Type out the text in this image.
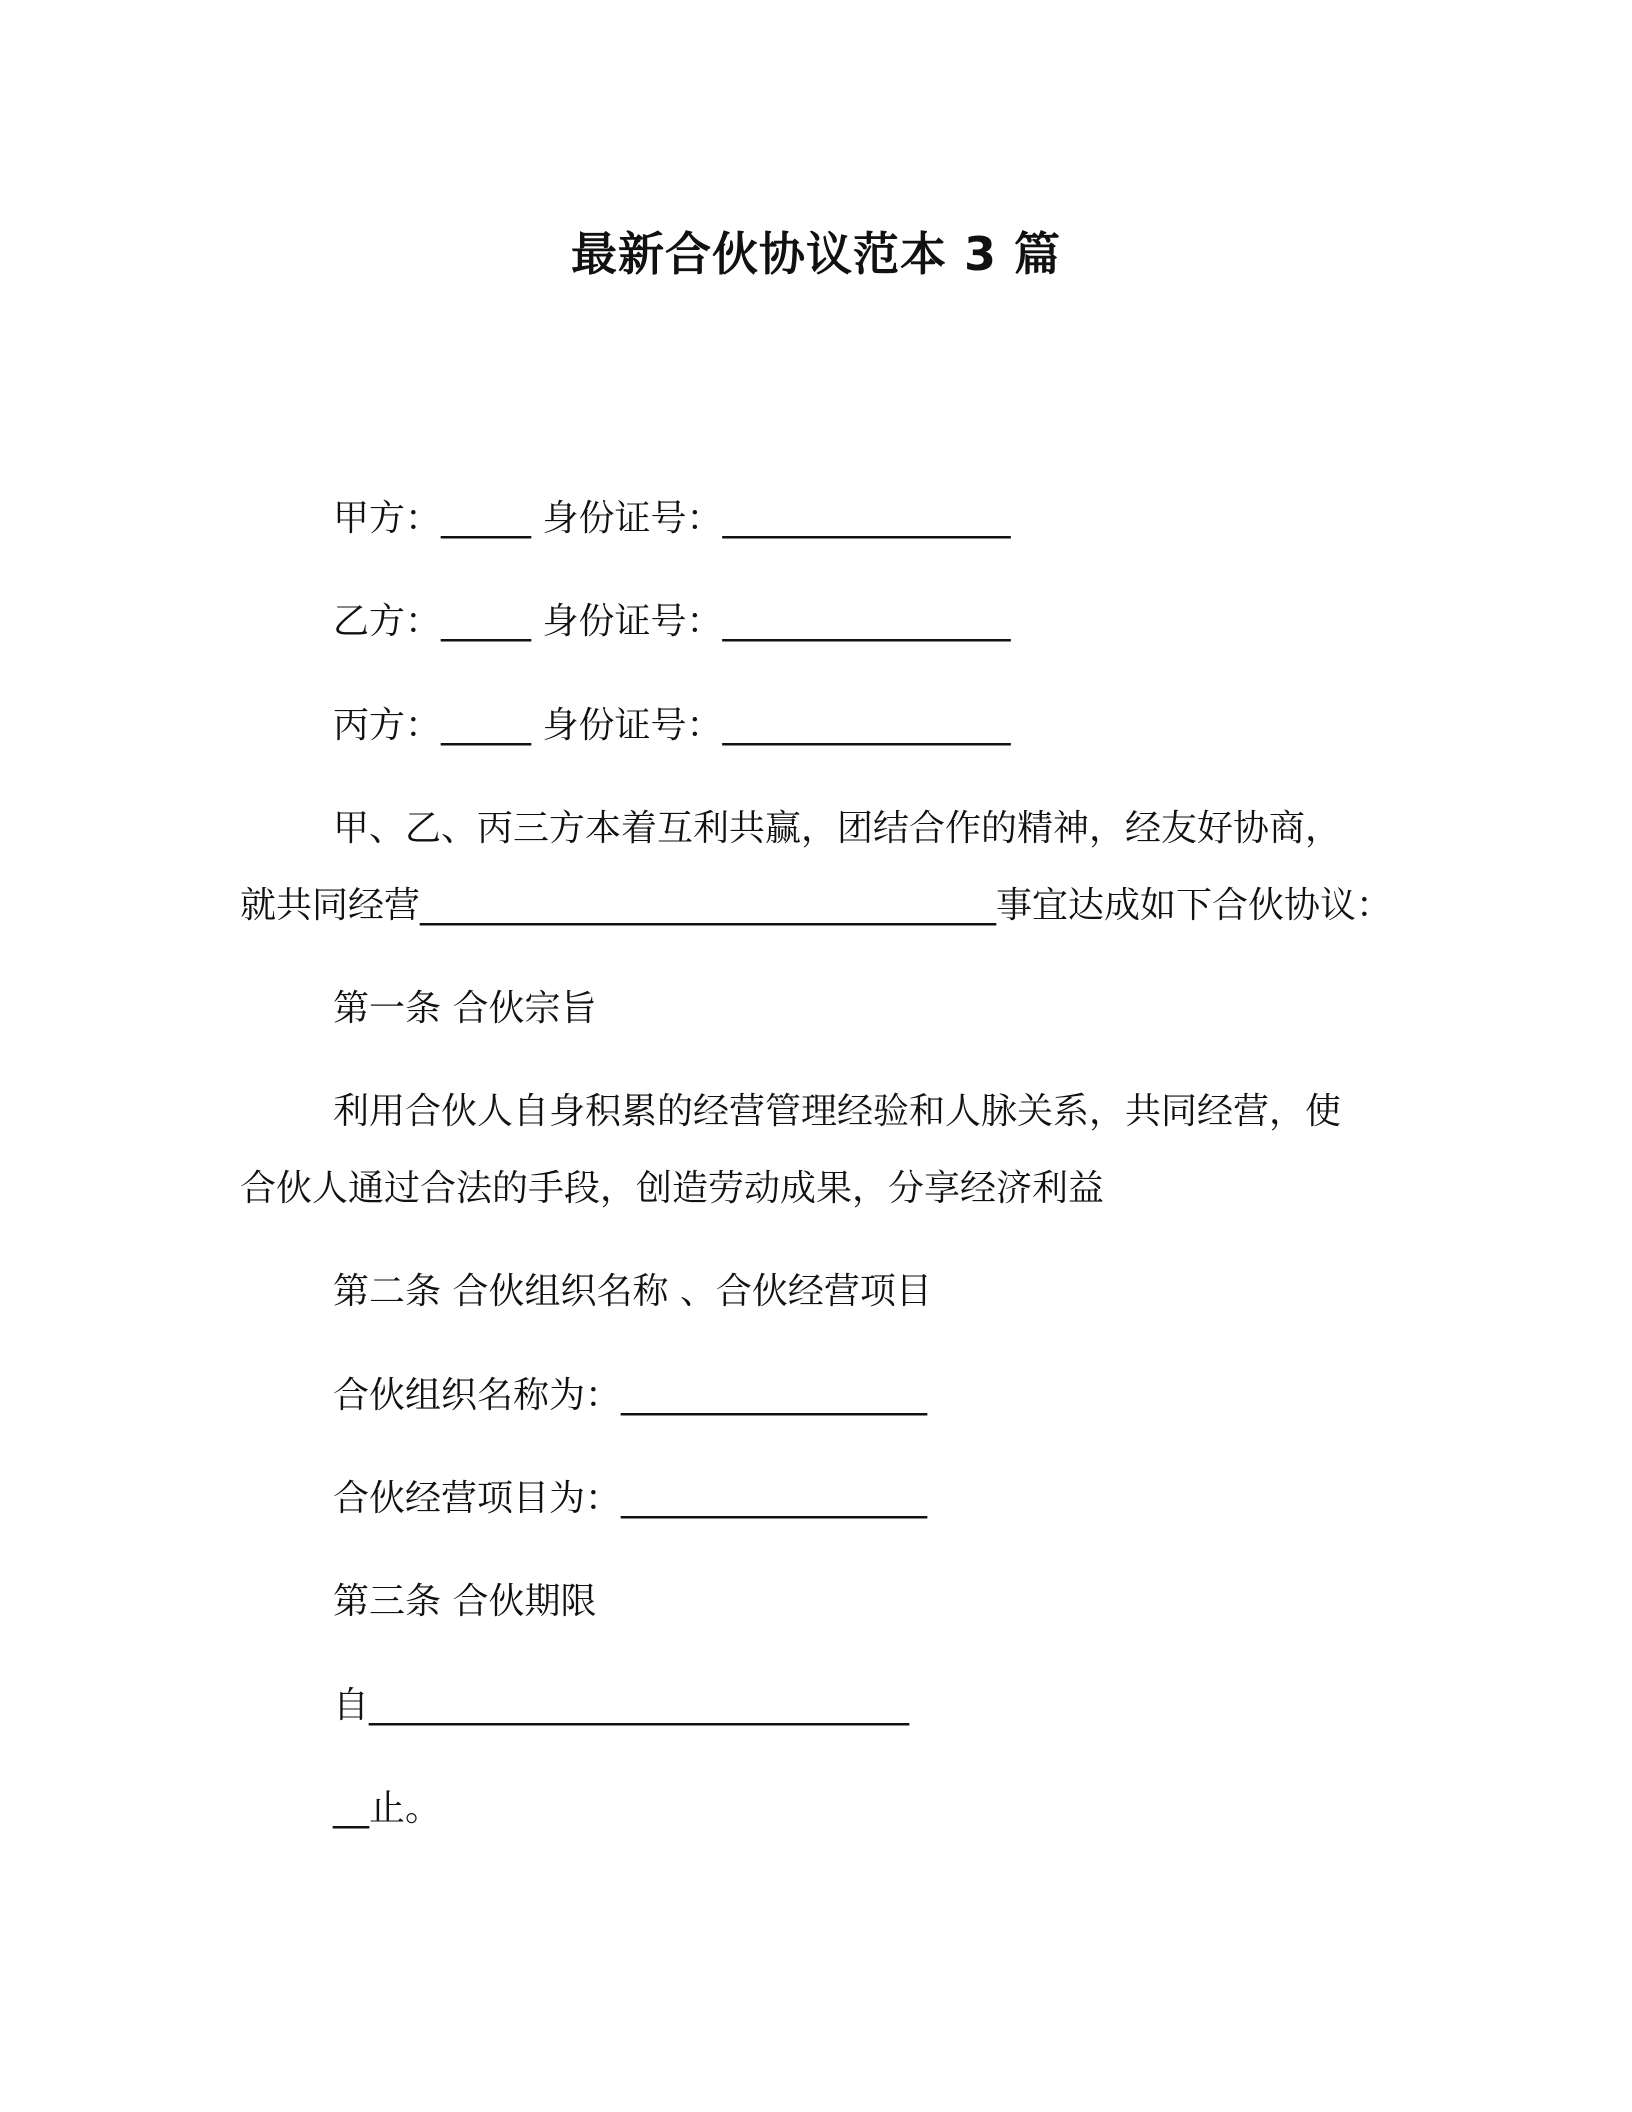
最新合伙协议范本 3 篇
甲方：_____ 身份证号：________________
乙方：_____ 身份证号：________________
丙方：_____ 身份证号：________________
甲、乙、丙三方本着互利共赢，团结合作的精神，经友好协商，
就共同经营________________________________事宜达成如下合伙协议：
第一条 合伙宗旨
利用合伙人自身积累的经营管理经验和人脉关系，共同经营，使
合伙人通过合法的手段，创造劳动成果，分享经济利益
第二条 合伙组织名称 、合伙经营项目
合伙组织名称为：_________________
合伙经营项目为：_________________
第三条 合伙期限
自______________________________
__止。
